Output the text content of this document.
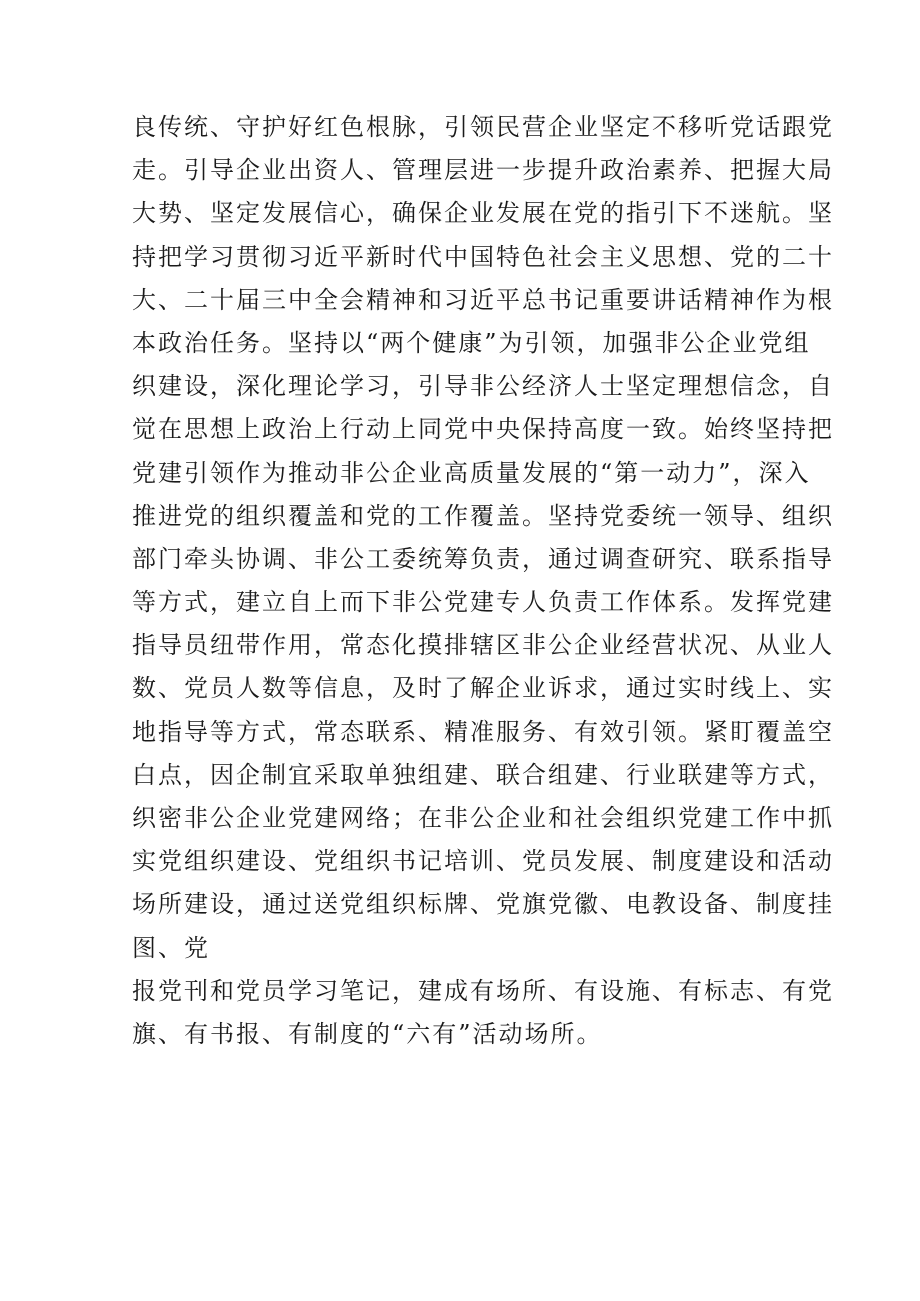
良传统、守护好红色根脉，引领民营企业坚定不移听党话跟党
走。引导企业出资人、管理层进一步提升政治素养、把握大局
大势、坚定发展信心，确保企业发展在党的指引下不迷航。坚
持把学习贯彻习近平新时代中国特色社会主义思想、党的二十
大、二十届三中全会精神和习近平总书记重要讲话精神作为根
本政治任务。坚持以“两个健康”为引领，加强非公企业党组
织建设，深化理论学习，引导非公经济人士坚定理想信念，自
觉在思想上政治上行动上同党中央保持高度一致。始终坚持把
党建引领作为推动非公企业高质量发展的“第一动力”，深入
推进党的组织覆盖和党的工作覆盖。坚持党委统一领导、组织
部门牵头协调、非公工委统筹负责，通过调查研究、联系指导
等方式，建立自上而下非公党建专人负责工作体系。发挥党建
指导员纽带作用，常态化摸排辖区非公企业经营状况、从业人
数、党员人数等信息，及时了解企业诉求，通过实时线上、实
地指导等方式，常态联系、精准服务、有效引领。紧盯覆盖空
白点，因企制宜采取单独组建、联合组建、行业联建等方式，
织密非公企业党建网络；在非公企业和社会组织党建工作中抓
实党组织建设、党组织书记培训、党员发展、制度建设和活动
场所建设，通过送党组织标牌、党旗党徽、电教设备、制度挂
图、党
报党刊和党员学习笔记，建成有场所、有设施、有标志、有党
旗、有书报、有制度的“六有”活动场所。
